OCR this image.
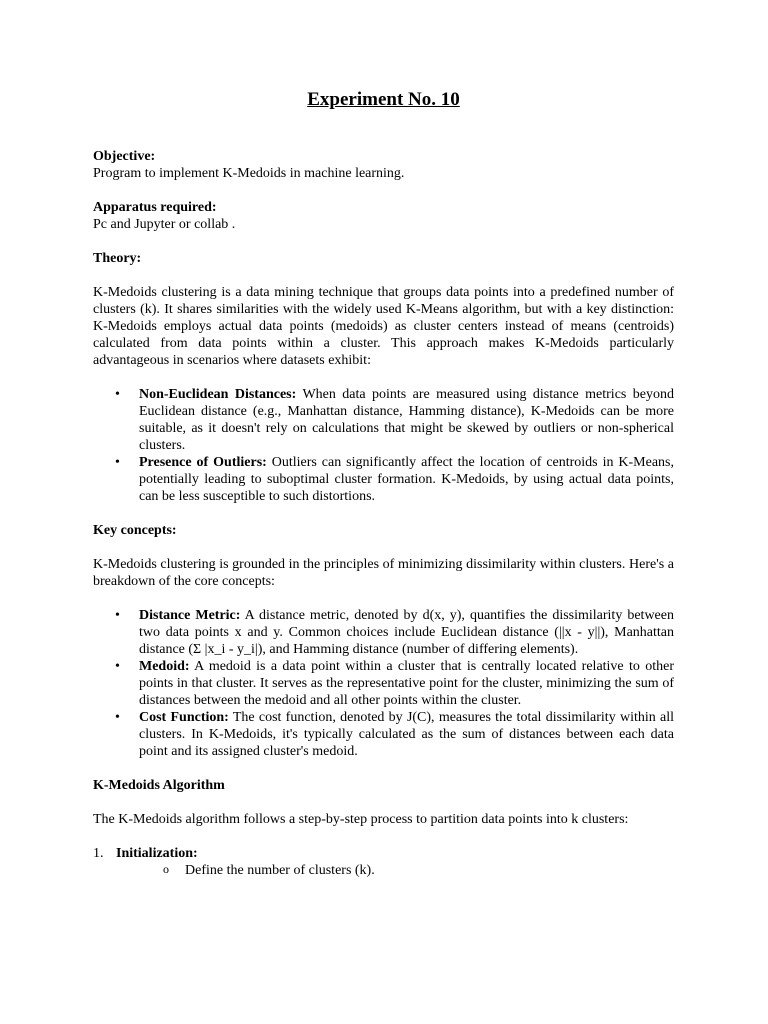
Experiment No. 10

Objective:

Program to implement K-Medoids in machine learning.

Apparatus required:

Pc and Jupyter or collab .

Theory:

K-Medoids clustering is a data mining technique that groups data points into a predefined number of clusters (k). It shares similarities with the widely used K-Means algorithm, but with a key distinction: K-Medoids employs actual data points (medoids) as cluster centers instead of means (centroids) calculated from data points within a cluster. This approach makes K-Medoids particularly advantageous in scenarios where datasets exhibit:

• Non-Euclidean Distances: When data points are measured using distance metrics beyond Euclidean distance (e.g., Manhattan distance, Hamming distance), K-Medoids can be more suitable, as it doesn't rely on calculations that might be skewed by outliers or non-spherical clusters.
• Presence of Outliers: Outliers can significantly affect the location of centroids in K-Means, potentially leading to suboptimal cluster formation. K-Medoids, by using actual data points, can be less susceptible to such distortions.

Key concepts:

K-Medoids clustering is grounded in the principles of minimizing dissimilarity within clusters. Here's a breakdown of the core concepts:

• Distance Metric: A distance metric, denoted by d(x, y), quantifies the dissimilarity between two data points x and y. Common choices include Euclidean distance (||x - y||), Manhattan distance (Σ |x_i - y_i|), and Hamming distance (number of differing elements).
• Medoid: A medoid is a data point within a cluster that is centrally located relative to other points in that cluster. It serves as the representative point for the cluster, minimizing the sum of distances between the medoid and all other points within the cluster.
• Cost Function: The cost function, denoted by J(C), measures the total dissimilarity within all clusters. In K-Medoids, it's typically calculated as the sum of distances between each data point and its assigned cluster's medoid.

K-Medoids Algorithm

The K-Medoids algorithm follows a step-by-step process to partition data points into k clusters:

1. Initialization:
o Define the number of clusters (k).
